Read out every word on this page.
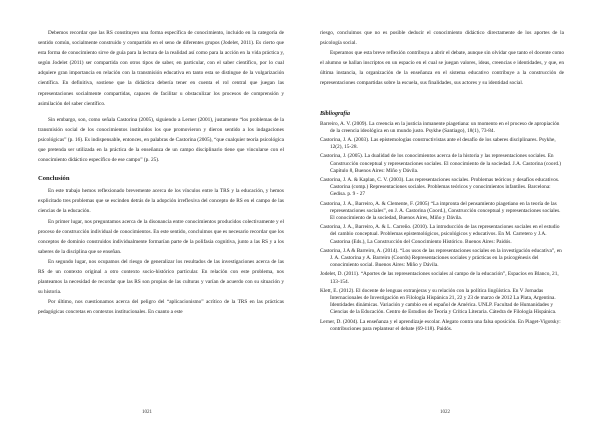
Debemos recordar que las RS constituyen una forma específica de conocimiento, incluido en la categoría de sentido común, socialmente construido y compartido en el seno de diferentes grupos (Jodelet, 2011). Es cierto que esta forma de conocimiento sirve de guía para la lectura de la realidad así como para la acción en la vida práctica y, según Jodelet (2011) ser compartida con otros tipos de saber, en particular, con el saber científico, por lo cual adquiere gran importancia en relación con la transmisión educativa en tanto esta se distingue de la vulgarización científica. En definitiva, sostiene que la didáctica debería tener en cuenta el rol central que juegan las representaciones socialmente compartidas, capaces de facilitar u obstaculizar los procesos de comprensión y asimilación del saber científico.

Sin embargo, son, como señala Castorina (2005), siguiendo a Lerner (2001), justamente “los problemas de la transmisión social de los conocimientos instituidos los que promovieron y dieron sentido a los indagaciones psicológicas” (p. 16). Es indispensable, entonces, en palabras de Castorina (2005), “que cualquier teoría psicológica que pretenda ser utilizada en la práctica de la enseñanza de un campo disciplinario tiene que vincularse con el conocimiento didáctico específico de ese campo” (p. 25).

Conclusión

En este trabajo hemos reflexionado brevemente acerca de los vínculos entre la TRS y la educación, y hemos explicitado tres problemas que se escinden detrás de la adopción irreflexiva del concepto de RS en el campo de las ciencias de la educación.

En primer lugar, nos preguntamos acerca de la disonancia entre conocimientos producidos colectivamente y el proceso de construcción individual de conocimientos. En este sentido, concluimos que es necesario recordar que los conceptos de dominio construidos individualmente formarían parte de la polifasia cognitiva, junto a las RS y a los saberes de la disciplina que se enseñan.

En segundo lugar, nos ocupamos del riesgo de generalizar los resultados de las investigaciones acerca de las RS de un contexto original a otro contexto socio-histórico particular. En relación con este problema, nos planteamos la necesidad de recordar que las RS son propias de las culturas y varían de acuerdo con su situación y su historia.

Por último, nos cuestionamos acerca del peligro del “aplicacionismo” acrítico de la TRS en las prácticas pedagógicas concretas en contextos institucionales. En cuanto a este

1021

riesgo, concluimos que no es posible deducir el conocimiento didáctico directamente de los aportes de la psicología social.

Esperamos que esta breve reflexión contribuya a abrir el debate, aunque sin olvidar que tanto el docente como el alumno se hallan inscriptos en un espacio en el cual se juegan valores, ideas, creencias e identidades, y que, en última instancia, la organización de la enseñanza en el sistema educativo contribuye a la construcción de representaciones compartidas sobre la escuela, sus finalidades, sus actores y su identidad social.

Bibliografía

Barreiro, A. V. (2009). La creencia en la justicia inmanente piagetiana: un momento en el proceso de apropiación de la creencia ideológica en un mundo justo. Psykhe (Santiago), 18(1), 73-84.

Castorina, J. A. (2003). Las epistemologías constructivistas ante el desafío de los saberes disciplinares. Psykhe, 12(2), 15-28.

Castorina, J. (2005). La dualidad de los conocimientos acerca de la historia y las representaciones sociales. En Construcción conceptual y representaciones sociales. El conocimiento de la sociedad. J.A. Castorina (coord.) Capítulo 8, Buenos Aires: Miño y Dávila.

Castorina, J. A. & Kaplan, C. V. (2003). Las representaciones sociales. Problemas teóricos y desafíos educativos. Castorina (comp.) Representaciones sociales. Problemas teóricos y conocimientos infantiles. Barcelona: Gedisa. p. 9 - 27

Castorina, J. A., Barreiro, A. & Clemente, F. (2005) “La impronta del pensamiento piagetiano en la teoría de las representaciones sociales”, en J. A. Castorina (Coord.), Construcción conceptual y representaciones sociales. El conocimiento de la sociedad, Buenos Aires, Miño y Dávila.

Castorina, J. A., Barreiro, A. & L. Carreño. (2010). La introducción de las representaciones sociales en el estudio del cambio conceptual. Problemas epistemológicos, psicológicos y educativos. En M. Carretero y J.A. Castorina (Eds.), La Construcción del Conocimiento Histórico. Buenos Aires: Paidós.

Castorina, J.A & Barreiro, A. (2014). “Los usos de las representaciones sociales en la investigación educativa”, en J. A. Castorina y A. Barreiro (Coords) Representaciones sociales y prácticas en la psicogénesis del conocimiento social. Buenos Aires: Miño y Dávila.

Jodelet, D. (2011). “Aportes de las representaciones sociales al campo de la educación”, Espacios en Blanco, 21, 133-154.

Klett, E. (2012). El docente de lenguas extranjeras y su relación con la política lingüística. En V Jornadas Internacionales de Investigación en Filología Hispánica 21, 22 y 23 de marzo de 2012 La Plata, Argentina. Identidades dinámicas. Variación y cambio en el español de América. UNLP. Facultad de Humanidades y Ciencias de la Educación. Centro de Estudios de Teoría y Crítica Literaria. Cátedra de Filología Hispánica.

Lerner, D. (2004). La enseñanza y el aprendizaje escolar. Alegato contra una falsa oposición. En Piaget-Vigotsky: contribuciones para replantear el debate (69-118). Paidós.

1022
